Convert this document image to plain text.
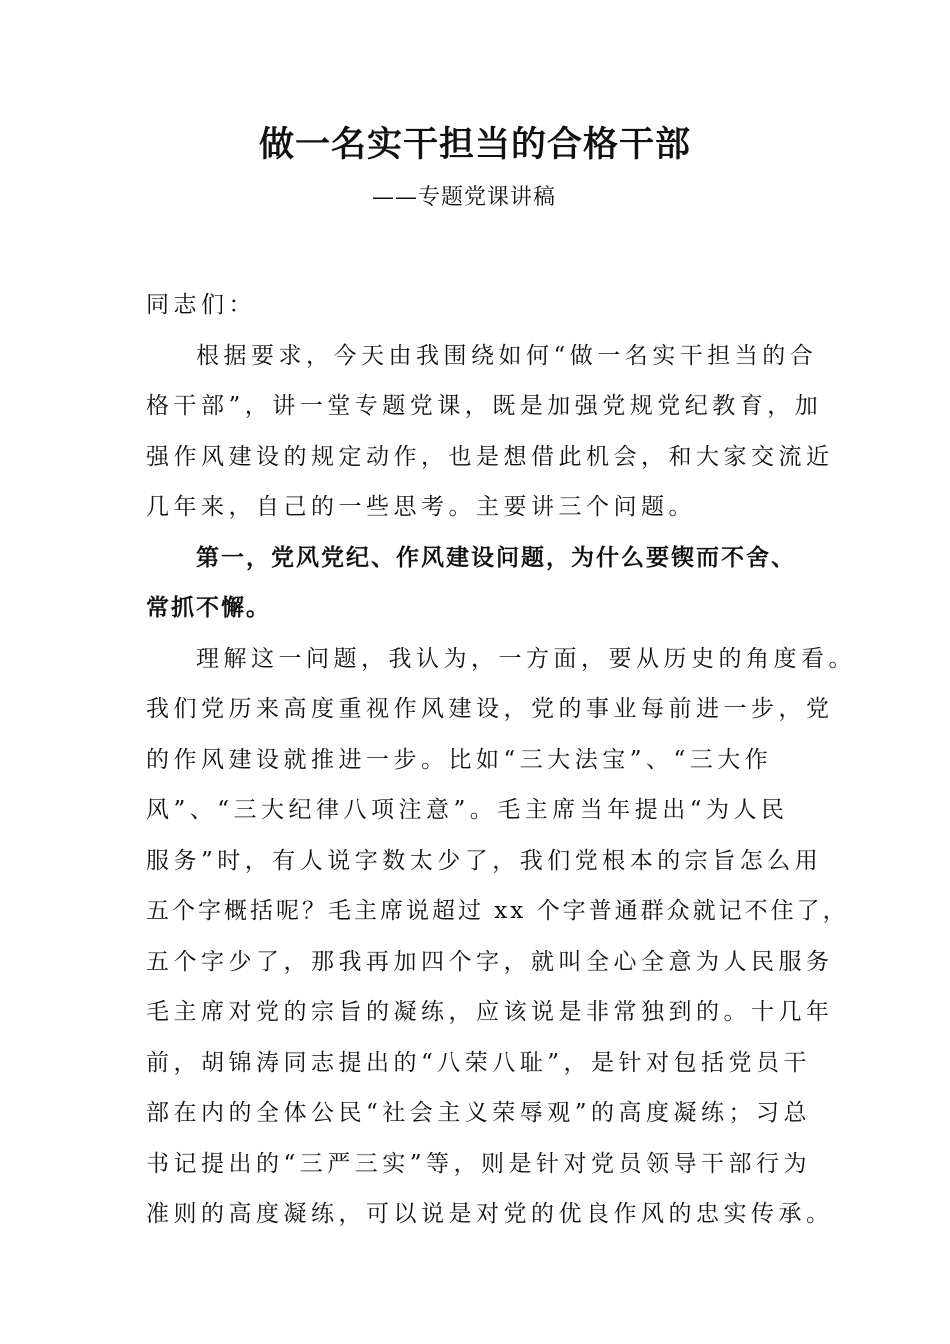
做一名实干担当的合格干部
——专题党课讲稿
同志们：
根据要求，今天由我围绕如何“做一名实干担当的合
格干部”，讲一堂专题党课，既是加强党规党纪教育，加
强作风建设的规定动作，也是想借此机会，和大家交流近
几年来，自己的一些思考。主要讲三个问题。
第一，党风党纪、作风建设问题，为什么要锲而不舍、
常抓不懈。
理解这一问题，我认为，一方面，要从历史的角度看。
我们党历来高度重视作风建设，党的事业每前进一步，党
的作风建设就推进一步。比如“三大法宝”、“三大作
风”、“三大纪律八项注意”。毛主席当年提出“为人民
服务”时，有人说字数太少了，我们党根本的宗旨怎么用
五个字概括呢？毛主席说超过 xx 个字普通群众就记不住了，
五个字少了，那我再加四个字，就叫全心全意为人民服务
毛主席对党的宗旨的凝练，应该说是非常独到的。十几年
前，胡锦涛同志提出的“八荣八耻”，是针对包括党员干
部在内的全体公民“社会主义荣辱观”的高度凝练；习总
书记提出的“三严三实”等，则是针对党员领导干部行为
准则的高度凝练，可以说是对党的优良作风的忠实传承。
